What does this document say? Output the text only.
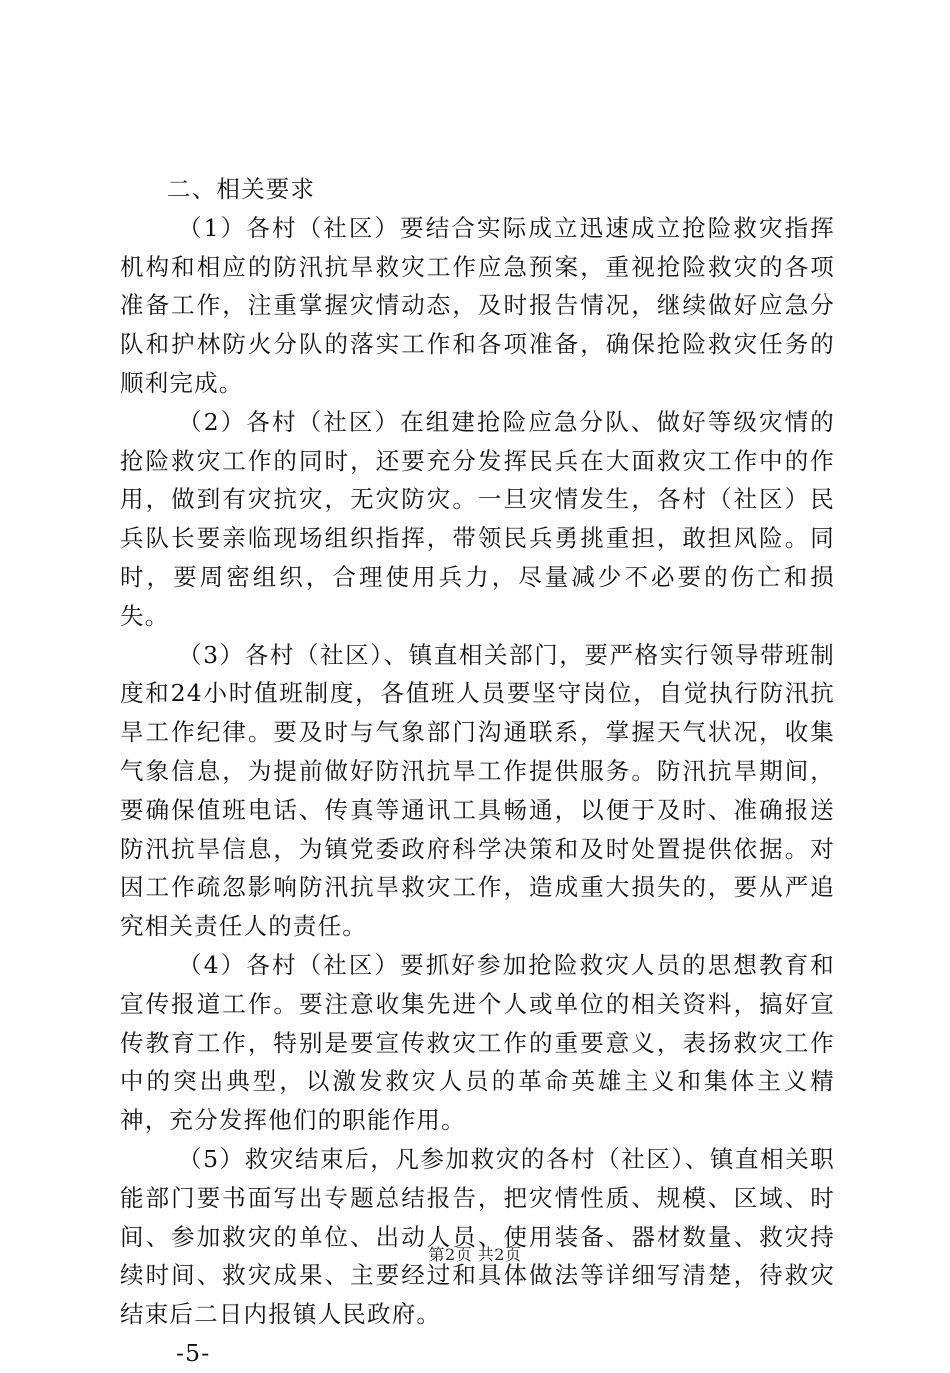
二、相关要求

（1）各村（社区）要结合实际成立迅速成立抢险救灾指挥机构和相应的防汛抗旱救灾工作应急预案，重视抢险救灾的各项准备工作，注重掌握灾情动态，及时报告情况，继续做好应急分队和护林防火分队的落实工作和各项准备，确保抢险救灾任务的顺利完成。

（2）各村（社区）在组建抢险应急分队、做好等级灾情的抢险救灾工作的同时，还要充分发挥民兵在大面救灾工作中的作用，做到有灾抗灾，无灾防灾。一旦灾情发生，各村（社区）民兵队长要亲临现场组织指挥，带领民兵勇挑重担，敢担风险。同时，要周密组织，合理使用兵力，尽量减少不必要的伤亡和损失。

（3）各村（社区）、镇直相关部门，要严格实行领导带班制度和24小时值班制度，各值班人员要坚守岗位，自觉执行防汛抗旱工作纪律。要及时与气象部门沟通联系，掌握天气状况，收集气象信息，为提前做好防汛抗旱工作提供服务。防汛抗旱期间，要确保值班电话、传真等通讯工具畅通，以便于及时、准确报送防汛抗旱信息，为镇党委政府科学决策和及时处置提供依据。对因工作疏忽影响防汛抗旱救灾工作，造成重大损失的，要从严追究相关责任人的责任。

（4）各村（社区）要抓好参加抢险救灾人员的思想教育和宣传报道工作。要注意收集先进个人或单位的相关资料，搞好宣传教育工作，特别是要宣传救灾工作的重要意义，表扬救灾工作中的突出典型，以激发救灾人员的革命英雄主义和集体主义精神，充分发挥他们的职能作用。

（5）救灾结束后，凡参加救灾的各村（社区）、镇直相关职能部门要书面写出专题总结报告，把灾情性质、规模、区域、时间、参加救灾的单位、出动人员、使用装备、器材数量、救灾持续时间、救灾成果、主要经过和具体做法等详细写清楚，待救灾结束后二日内报镇人民政府。

-5-

第2页 共2页
